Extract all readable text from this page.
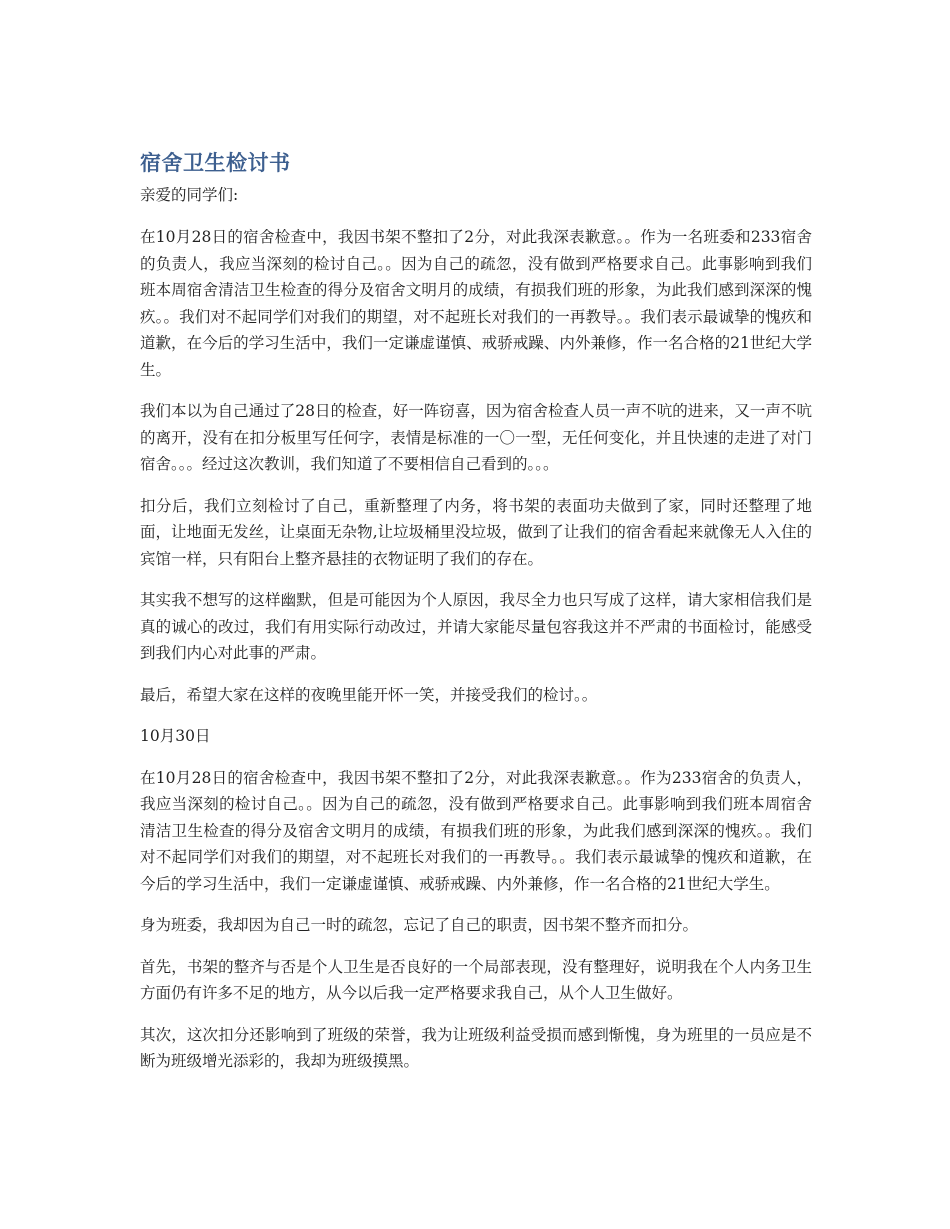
宿舍卫生检讨书

亲爱的同学们:

在10月28日的宿舍检查中，我因书架不整扣了2分，对此我深表歉意。。作为一名班委和233宿舍的负责人，我应当深刻的检讨自己。。因为自己的疏忽，没有做到严格要求自己。此事影响到我们班本周宿舍清洁卫生检查的得分及宿舍文明月的成绩，有损我们班的形象，为此我们感到深深的愧疚。。我们对不起同学们对我们的期望，对不起班长对我们的一再教导。。我们表示最诚挚的愧疚和道歉，在今后的学习生活中，我们一定谦虚谨慎、戒骄戒躁、内外兼修，作一名合格的21世纪大学生。

我们本以为自己通过了28日的检查，好一阵窃喜，因为宿舍检查人员一声不吭的进来，又一声不吭的离开，没有在扣分板里写任何字，表情是标准的一〇一型，无任何变化，并且快速的走进了对门宿舍。。。经过这次教训，我们知道了不要相信自己看到的。。。

扣分后，我们立刻检讨了自己，重新整理了内务，将书架的表面功夫做到了家，同时还整理了地面，让地面无发丝，让桌面无杂物,让垃圾桶里没垃圾，做到了让我们的宿舍看起来就像无人入住的宾馆一样，只有阳台上整齐悬挂的衣物证明了我们的存在。

其实我不想写的这样幽默，但是可能因为个人原因，我尽全力也只写成了这样，请大家相信我们是真的诚心的改过，我们有用实际行动改过，并请大家能尽量包容我这并不严肃的书面检讨，能感受到我们内心对此事的严肃。

最后，希望大家在这样的夜晚里能开怀一笑，并接受我们的检讨。。

10月30日

在10月28日的宿舍检查中，我因书架不整扣了2分，对此我深表歉意。。作为233宿舍的负责人，我应当深刻的检讨自己。。因为自己的疏忽，没有做到严格要求自己。此事影响到我们班本周宿舍清洁卫生检查的得分及宿舍文明月的成绩，有损我们班的形象，为此我们感到深深的愧疚。。我们对不起同学们对我们的期望，对不起班长对我们的一再教导。。我们表示最诚挚的愧疚和道歉，在今后的学习生活中，我们一定谦虚谨慎、戒骄戒躁、内外兼修，作一名合格的21世纪大学生。

身为班委，我却因为自己一时的疏忽，忘记了自己的职责，因书架不整齐而扣分。

首先，书架的整齐与否是个人卫生是否良好的一个局部表现，没有整理好，说明我在个人内务卫生方面仍有许多不足的地方，从今以后我一定严格要求我自己，从个人卫生做好。

其次，这次扣分还影响到了班级的荣誉，我为让班级利益受损而感到惭愧，身为班里的一员应是不断为班级增光添彩的，我却为班级摸黑。
